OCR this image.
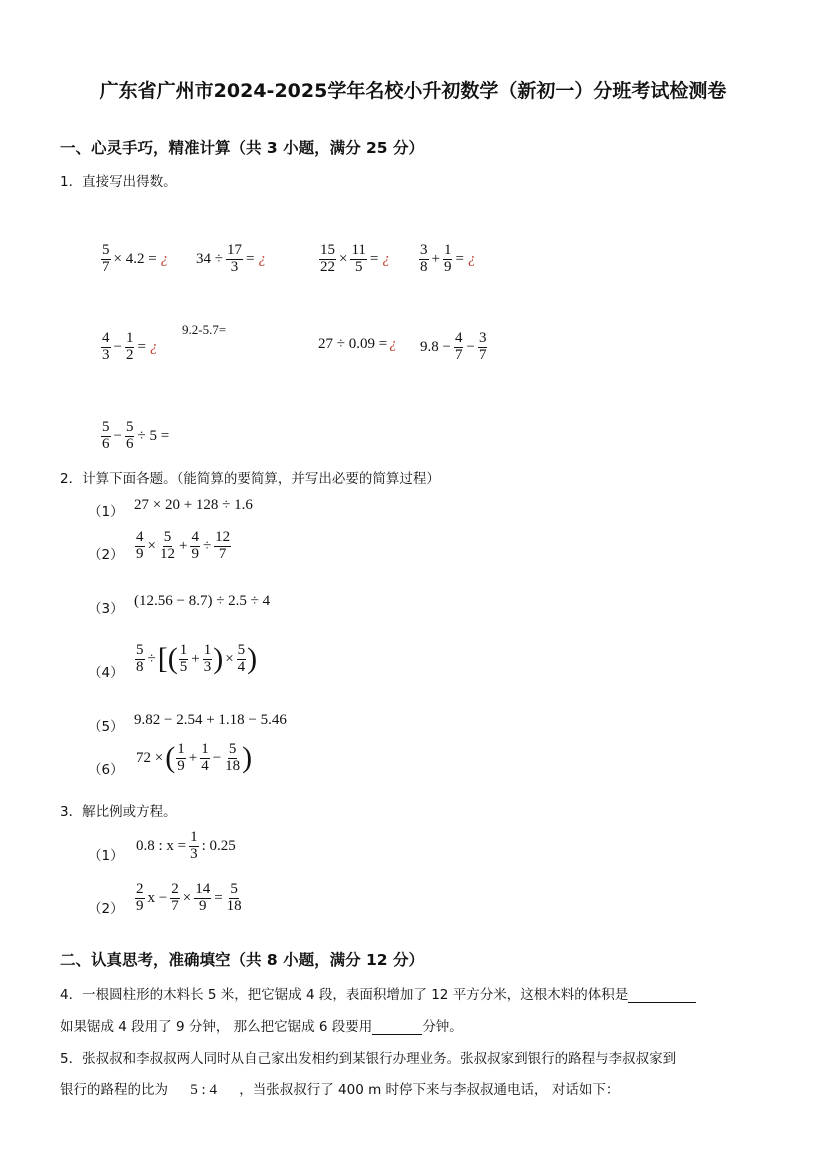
广东省广州市2024-2025学年名校小升初数学（新初一）分班考试检测卷
一、心灵手巧，精准计算（共 3 小题，满分 25 分）
1．直接写出得数。
$\frac{5}{7} \times 4.2$ = ¿ $34 \div \frac{17}{3}$ = ¿	$\frac{15}{22} \times \frac{11}{5}$ = ¿ $\frac{3}{8} + \frac{1}{9}$ = ¿
$\frac{4}{3} - \frac{1}{2}$ = ¿
9.2-5.7=
27 ÷ 0.09 = ¿ $9.8 - \frac{4}{7} - \frac{3}{7}$
$\frac{5}{6} - \frac{5}{6} \div 5$ =
2．计算下面各题。（能简算的要简算，并写出必要的简算过程）
（1） 27 × 20 + 128 ÷ 1.6
$(2) \frac{4}{9} \times \frac{5}{12} + \frac{4}{9} \div \frac{12}{7}$
（3） (12.56 − 8.7) ÷ 2.5 ÷ 4
$(4) \frac{5}{8}$ ÷ [ ( $\frac{1}{5} + \frac{1}{3}$ ) × $\frac{5}{4}$ )
（5） 9.82 − 2.54 + 1.18 − 5.46
（6）
72 × ( $\frac{1}{9} + \frac{1}{4} - \frac{5}{18}$ )
3．解比例或方程。
（1）
0.8 : $x = \frac{1}{3}$ : 0.25
$(2) \frac{2}{9}$ $x - \frac{2}{7} \times \frac{14}{9} = \frac{5}{18}$
二、认真思考，准确填空（共 8 小题，满分 12 分）
4．一根圆柱形的木料长 5 米，把它锯成 4 段，表面积增加了 12 平方分米，这根木料的体积是
如果锯成 4 段用了 9 分钟， 那么把它锯成 6 段要用	分钟。
5．张叔叔和李叔叔两人同时从自己家出发相约到某银行办理业务。张叔叔家到银行的路程与李叔叔家到
银行的路程的比为 5 : 4 ，当张叔叔行了 400 m 时停下来与李叔叔通电话， 对话如下：
